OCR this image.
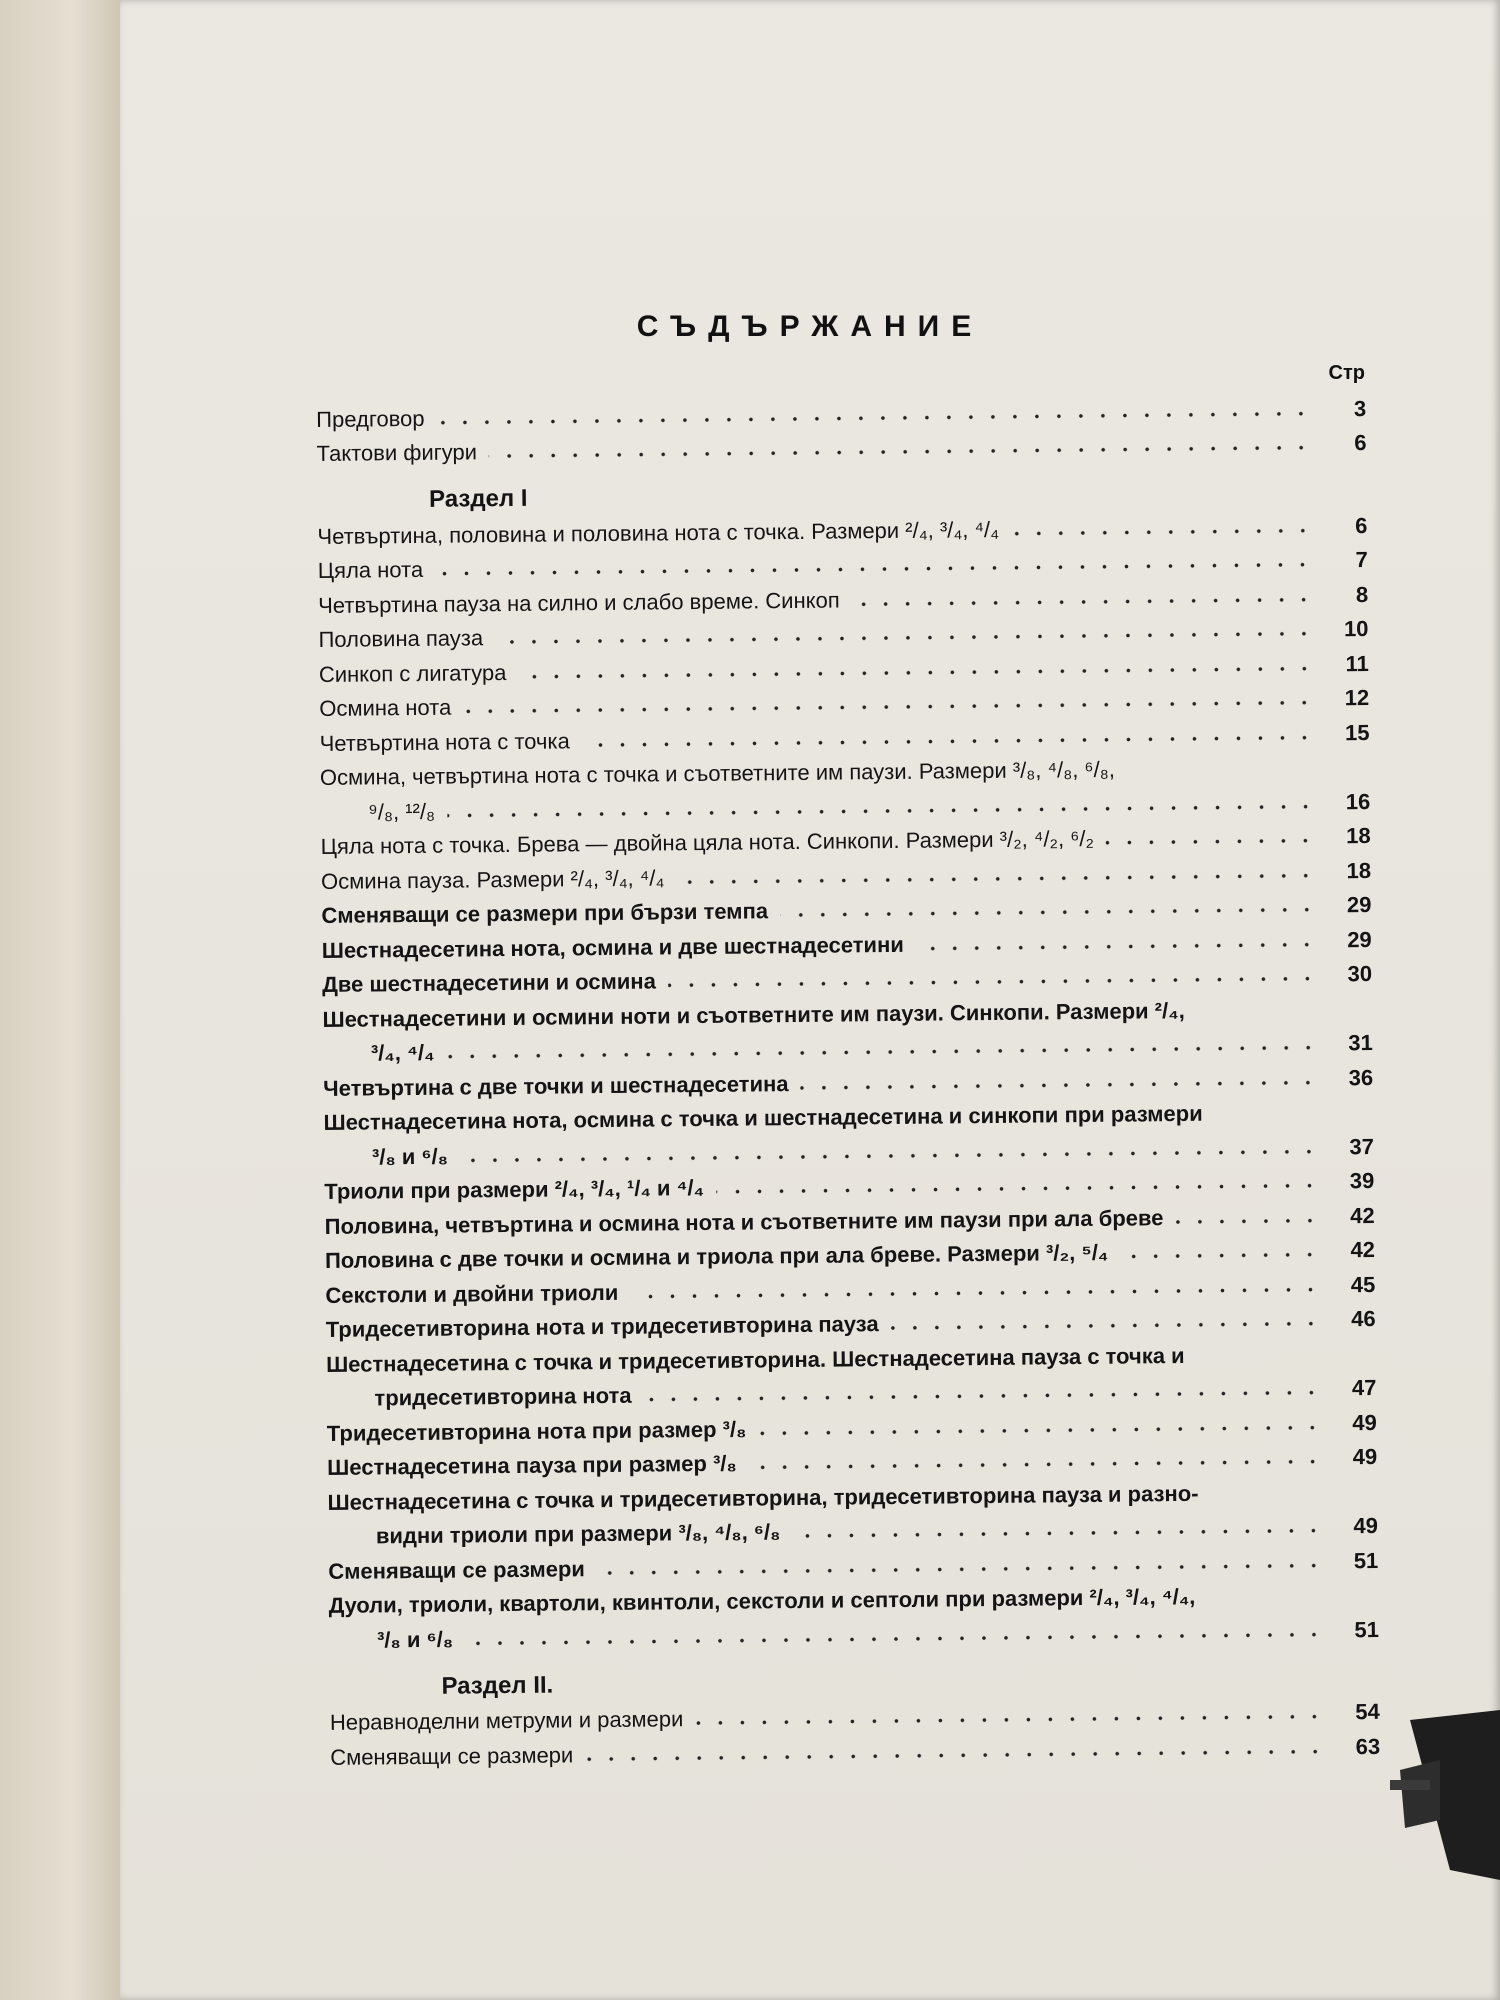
СЪДЪРЖАНИЕ
Стр
Предговор	3
Тактови фигури	6
Раздел I
Четвъртина, половина и половина нота с точка. Размери ²/₄, ³/₄, ⁴/₄	6
Цяла нота	7
Четвъртина пауза на силно и слабо време. Синкоп	8
Половина пауза	10
Синкоп с лигатура	11
Осмина нота	12
Четвъртина нота с точка	15
Осмина, четвъртина нота с точка и съответните им паузи. Размери ³/₈, ⁴/₈, ⁶/₈,
⁹/₈, ¹²/₈	16
Цяла нота с точка. Брева — двойна цяла нота. Синкопи. Размери ³/₂, ⁴/₂, ⁶/₂	18
Осмина пауза. Размери ²/₄, ³/₄, ⁴/₄	18
Сменяващи се размери при бързи темпа	29
Шестнадесетина нота, осмина и две шестнадесетини	29
Две шестнадесетини и осмина	30
Шестнадесетини и осмини ноти и съответните им паузи. Синкопи. Размери ²/₄,
³/₄, ⁴/₄	31
Четвъртина с две точки и шестнадесетина	36
Шестнадесетина нота, осмина с точка и шестнадесетина и синкопи при размери
³/₈ и ⁶/₈	37
Триоли при размери ²/₄, ³/₄, ¹/₄ и ⁴/₄	39
Половина, четвъртина и осмина нота и съответните им паузи при ала бреве	42
Половина с две точки и осмина и триола при ала бреве. Размери ³/₂, ⁵/₄	42
Секстоли и двойни триоли	45
Тридесетивторина нота и тридесетивторина пауза	46
Шестнадесетина с точка и тридесетивторина. Шестнадесетина пауза с точка и
тридесетивторина нота	47
Тридесетивторина нота при размер ³/₈	49
Шестнадесетина пауза при размер ³/₈	49
Шестнадесетина с точка и тридесетивторина, тридесетивторина пауза и разно-
видни триоли при размери ³/₈, ⁴/₈, ⁶/₈	49
Сменяващи се размери	51
Дуоли, триоли, квартоли, квинтоли, секстоли и септоли при размери ²/₄, ³/₄, ⁴/₄,
³/₈ и ⁶/₈	51
Раздел II.
Неравноделни метруми и размери	54
Сменяващи се размери	63
